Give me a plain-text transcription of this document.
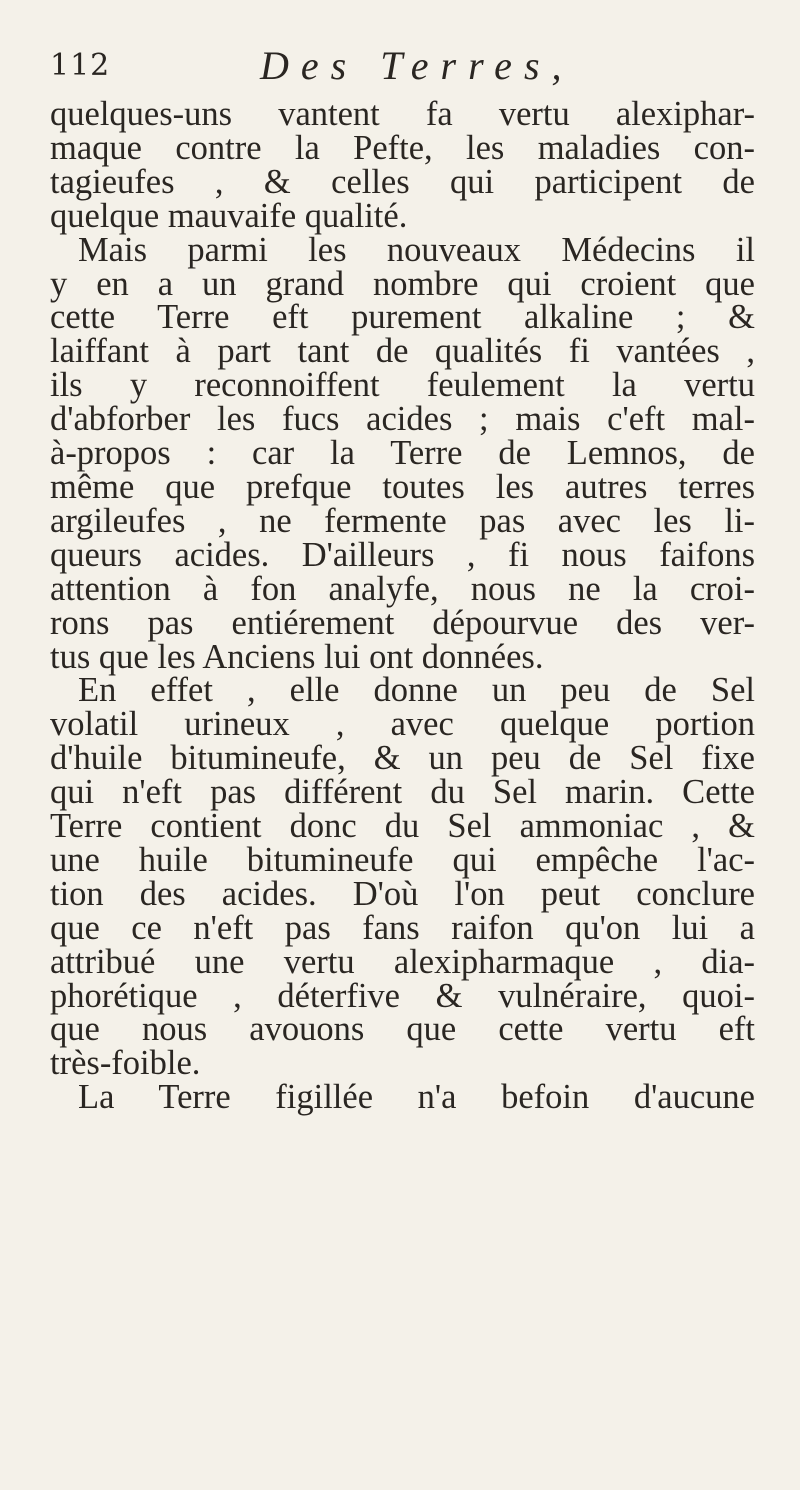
112	Des Terres,
quelques-uns vantent fa vertu alexiphar-
maque contre la Pefte, les maladies con-
tagieufes , & celles qui participent de
quelque mauvaife qualité.
Mais parmi les nouveaux Médecins il
y en a un grand nombre qui croient que
cette Terre eft purement alkaline ; &
laiffant à part tant de qualités fi vantées ,
ils y reconnoiffent feulement la vertu
d'abforber les fucs acides ; mais c'eft mal-
à-propos : car la Terre de Lemnos, de
même que prefque toutes les autres terres
argileufes , ne fermente pas avec les li-
queurs acides. D'ailleurs , fi nous faifons
attention à fon analyfe, nous ne la croi-
rons pas entiérement dépourvue des ver-
tus que les Anciens lui ont données.
En effet , elle donne un peu de Sel
volatil urineux , avec quelque portion
d'huile bitumineufe, & un peu de Sel fixe
qui n'eft pas différent du Sel marin. Cette
Terre contient donc du Sel ammoniac , &
une huile bitumineufe qui empêche l'ac-
tion des acides. D'où l'on peut conclure
que ce n'eft pas fans raifon qu'on lui a
attribué une vertu alexipharmaque , dia-
phorétique , déterfive & vulnéraire, quoi-
que nous avouons que cette vertu eft
très-foible.
La Terre figillée n'a befoin d'aucune
